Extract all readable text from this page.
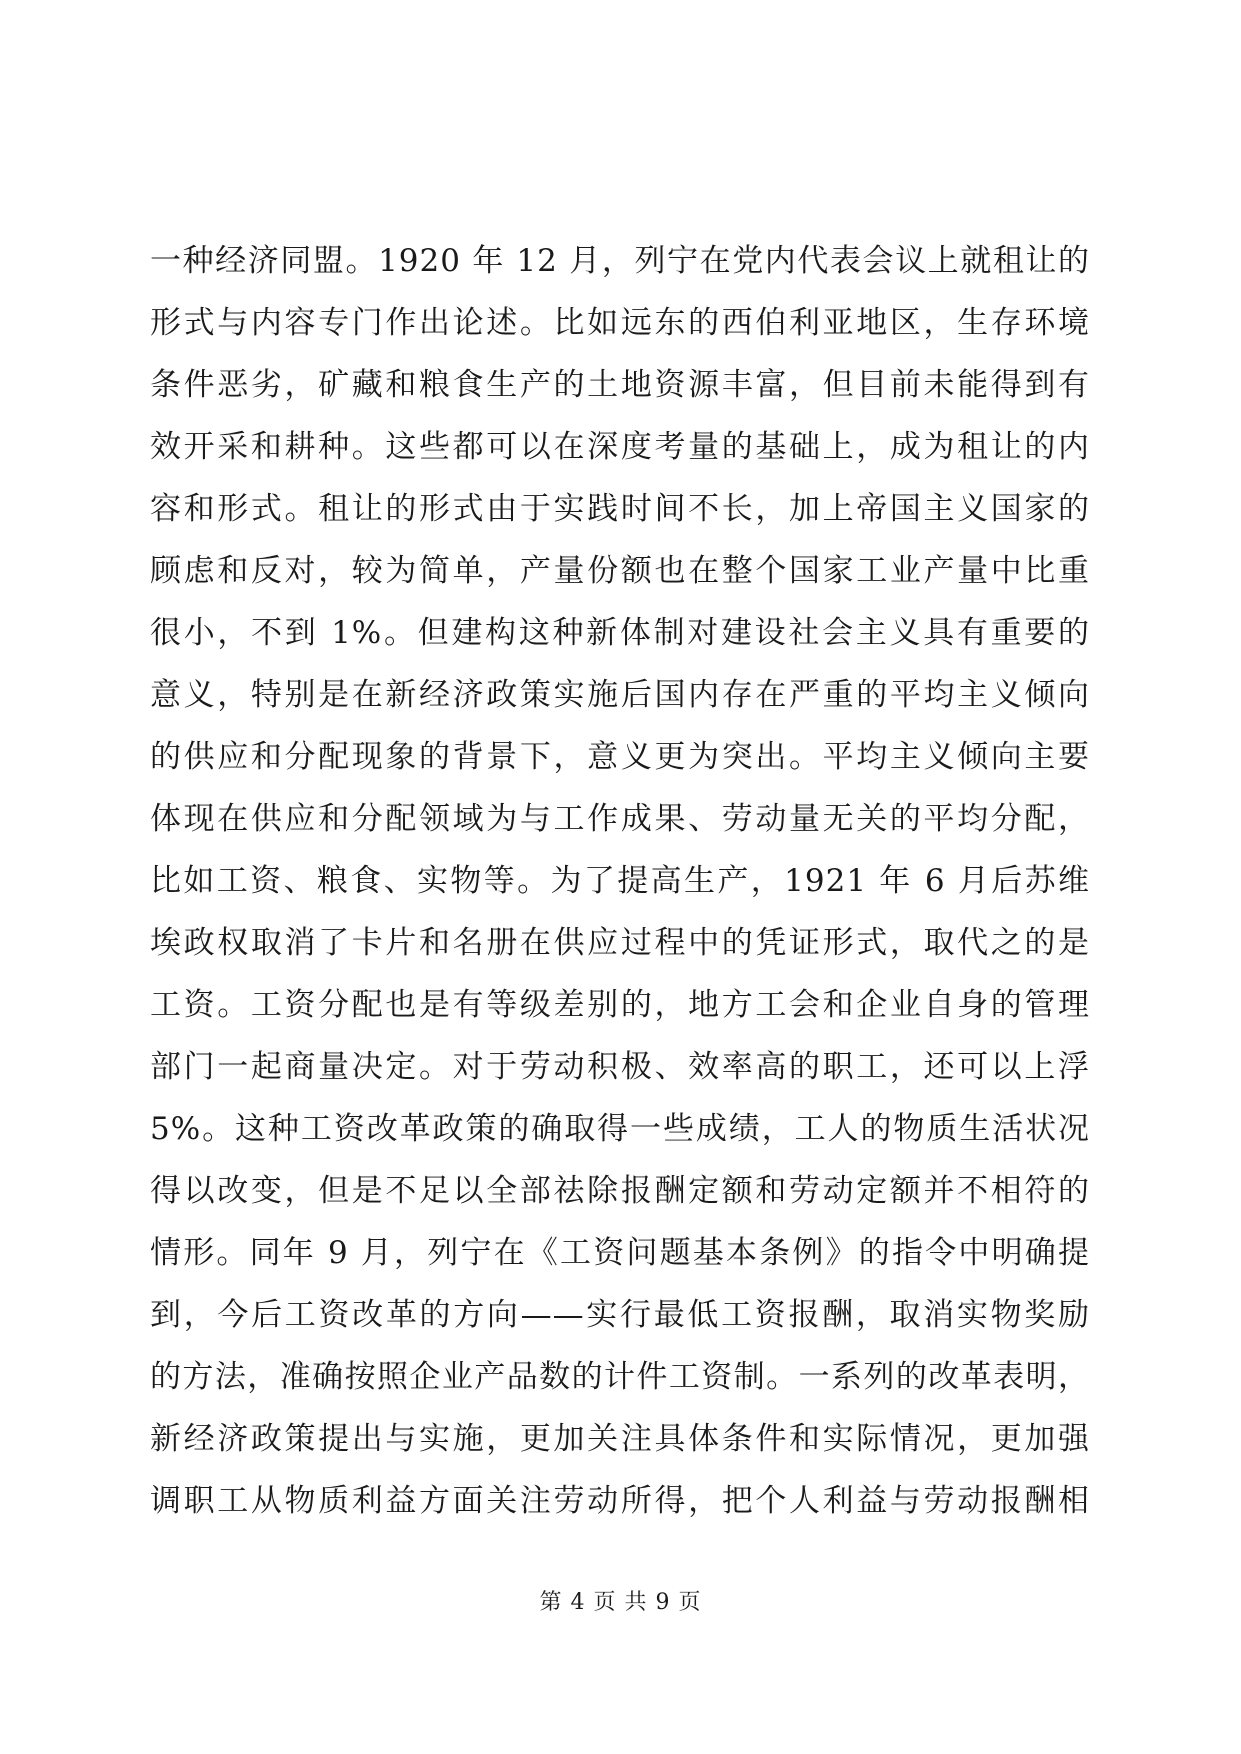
一种经济同盟。1920 年 12 月，列宁在党内代表会议上就租让的
形式与内容专门作出论述。比如远东的西伯利亚地区，生存环境
条件恶劣，矿藏和粮食生产的土地资源丰富，但目前未能得到有
效开采和耕种。这些都可以在深度考量的基础上，成为租让的内
容和形式。租让的形式由于实践时间不长，加上帝国主义国家的
顾虑和反对，较为简单，产量份额也在整个国家工业产量中比重
很小，不到 1%。但建构这种新体制对建设社会主义具有重要的
意义，特别是在新经济政策实施后国内存在严重的平均主义倾向
的供应和分配现象的背景下，意义更为突出。平均主义倾向主要
体现在供应和分配领域为与工作成果、劳动量无关的平均分配，
比如工资、粮食、实物等。为了提高生产，1921 年 6 月后苏维
埃政权取消了卡片和名册在供应过程中的凭证形式，取代之的是
工资。工资分配也是有等级差别的，地方工会和企业自身的管理
部门一起商量决定。对于劳动积极、效率高的职工，还可以上浮
5%。这种工资改革政策的确取得一些成绩，工人的物质生活状况
得以改变，但是不足以全部祛除报酬定额和劳动定额并不相符的
情形。同年 9 月，列宁在《工资问题基本条例》的指令中明确提
到，今后工资改革的方向——实行最低工资报酬，取消实物奖励
的方法，准确按照企业产品数的计件工资制。一系列的改革表明，
新经济政策提出与实施，更加关注具体条件和实际情况，更加强
调职工从物质利益方面关注劳动所得，把个人利益与劳动报酬相
第 4 页 共 9 页
